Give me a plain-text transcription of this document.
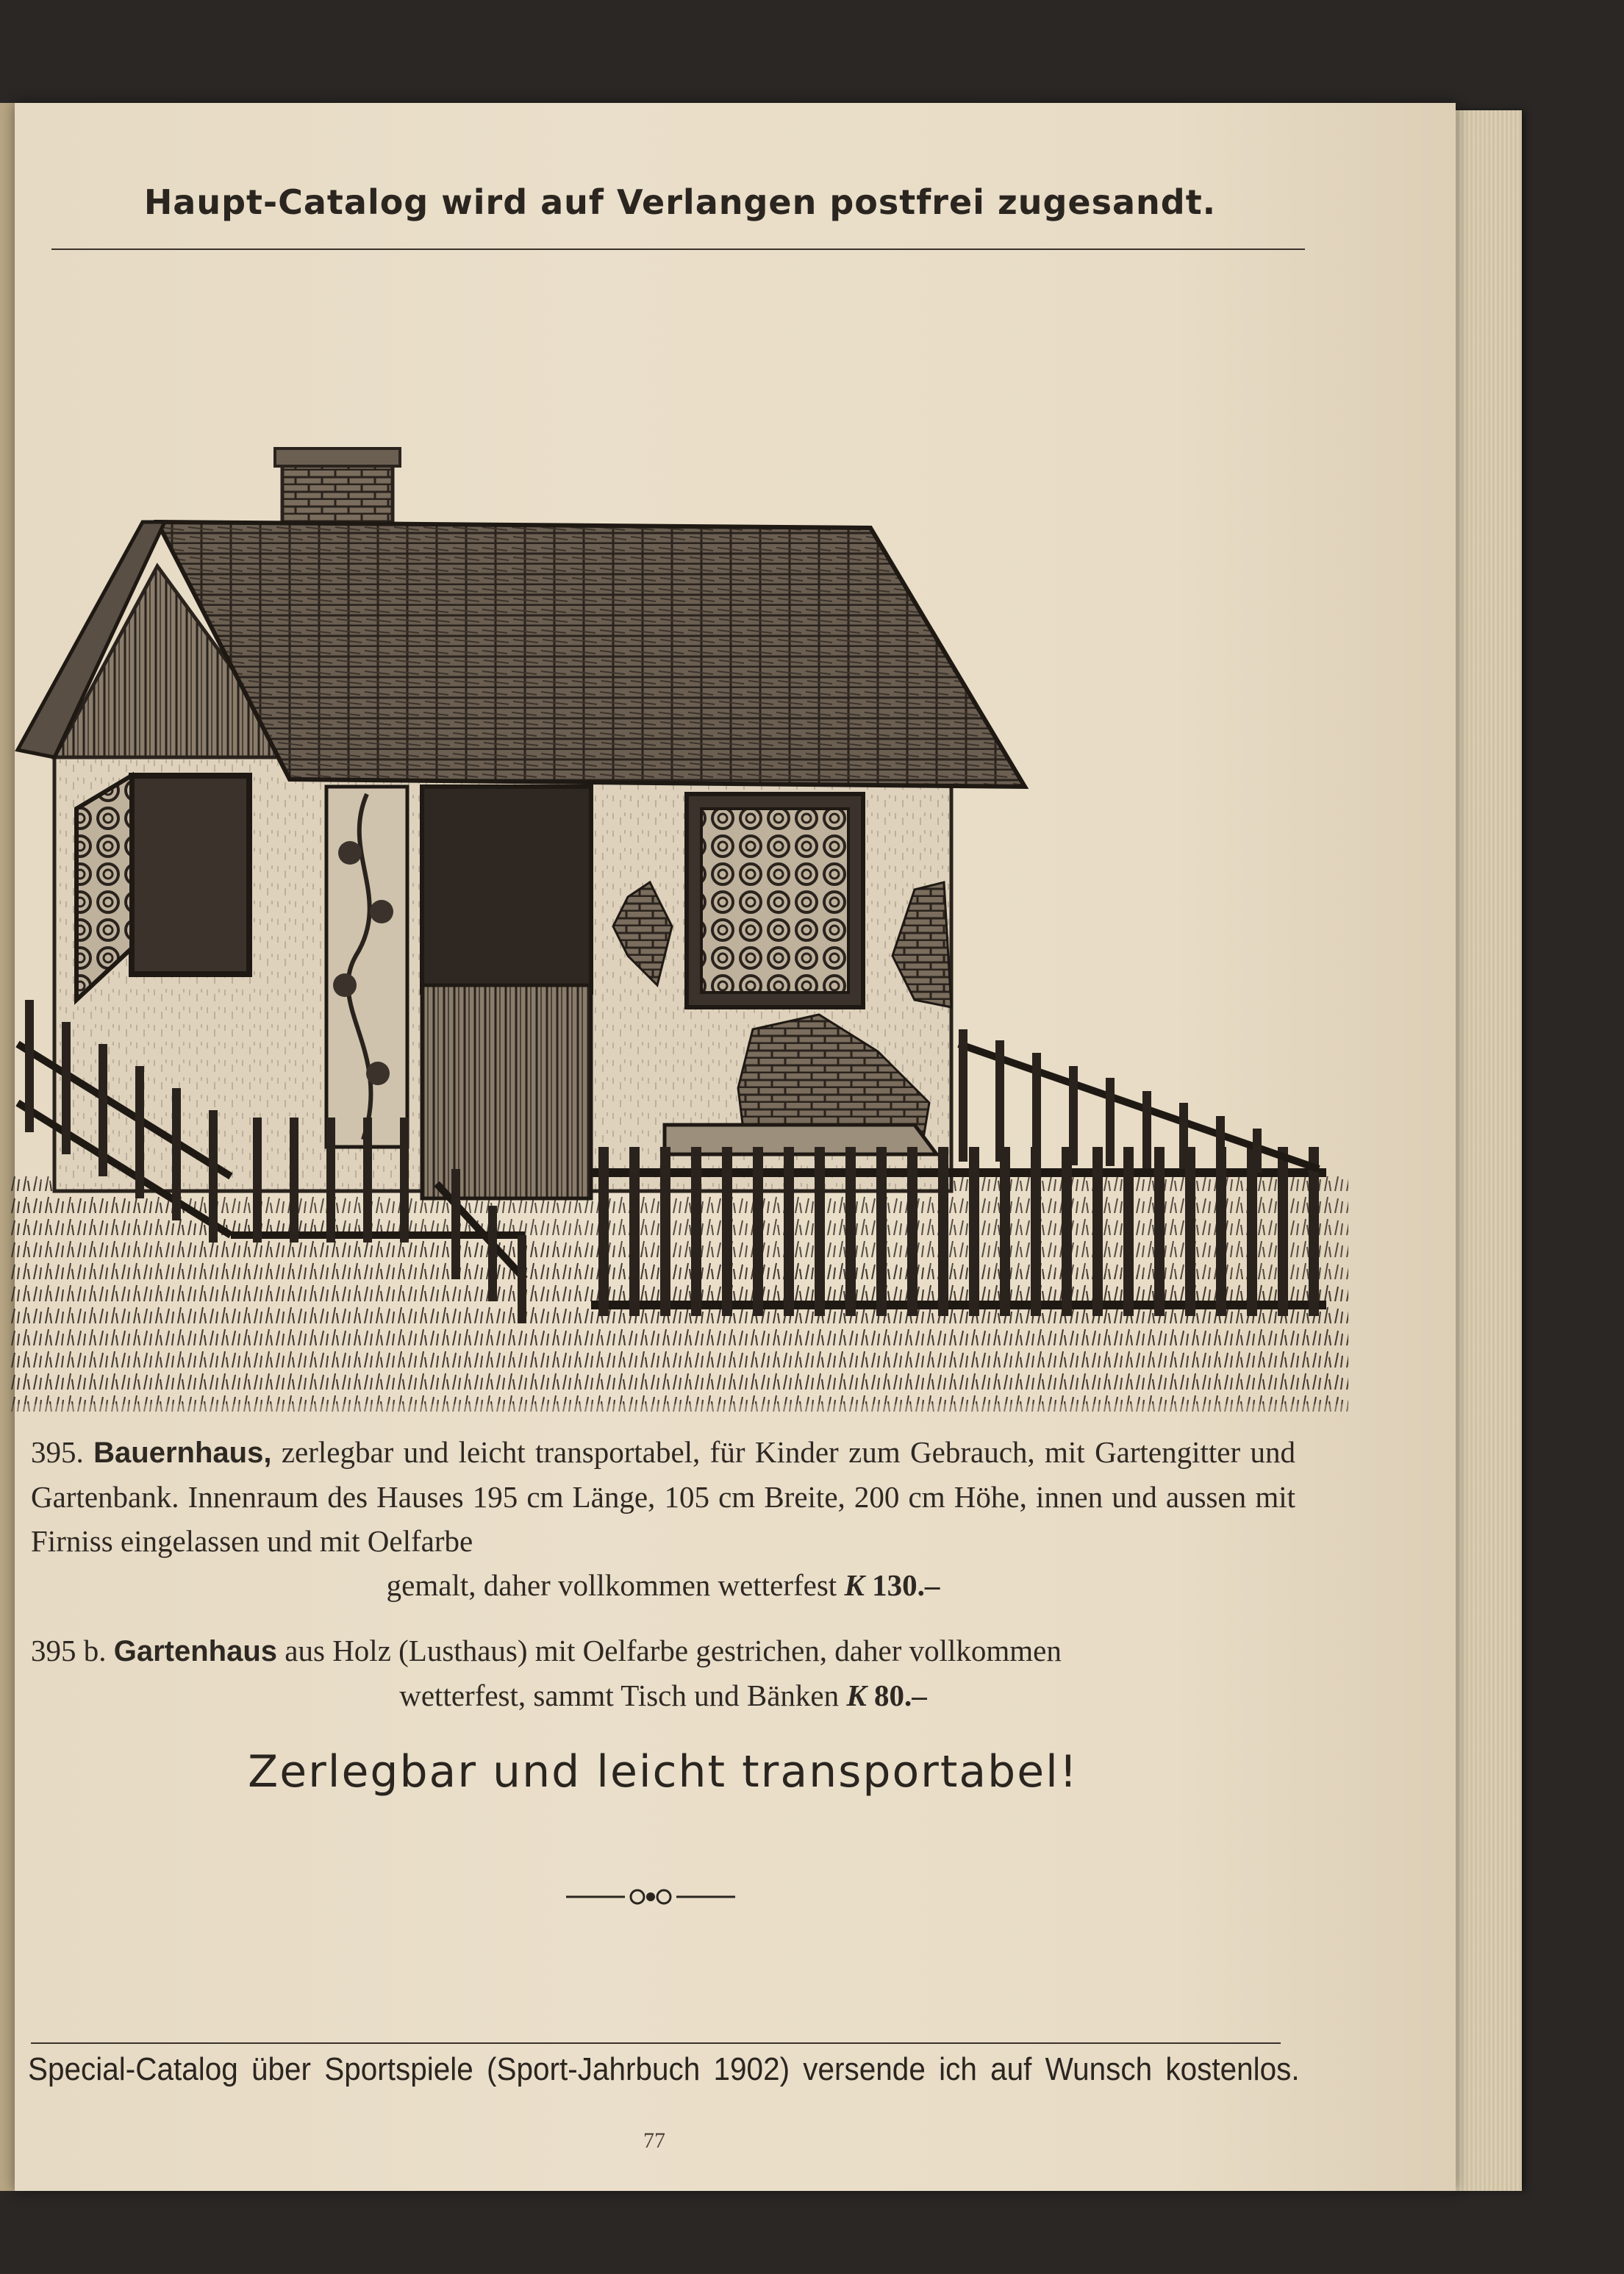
Haupt-Catalog wird auf Verlangen postfrei zugesandt.
395. Bauernhaus, zerlegbar und leicht transportabel, für Kinder zum Gebrauch, mit Gartengitter und Gartenbank. Innenraum des Hauses 195 cm Länge, 105 cm Breite, 200 cm Höhe, innen und aussen mit Firniss eingelassen und mit Oelfarbe
gemalt, daher vollkommen wetterfest K 130.–
395 b. Gartenhaus aus Holz (Lusthaus) mit Oelfarbe gestrichen, daher vollkommen
wetterfest, sammt Tisch und Bänken K 80.–
Zerlegbar und leicht transportabel!
Special-Catalog über Sportspiele (Sport-Jahrbuch 1902) versende ich auf Wunsch kostenlos.
77
